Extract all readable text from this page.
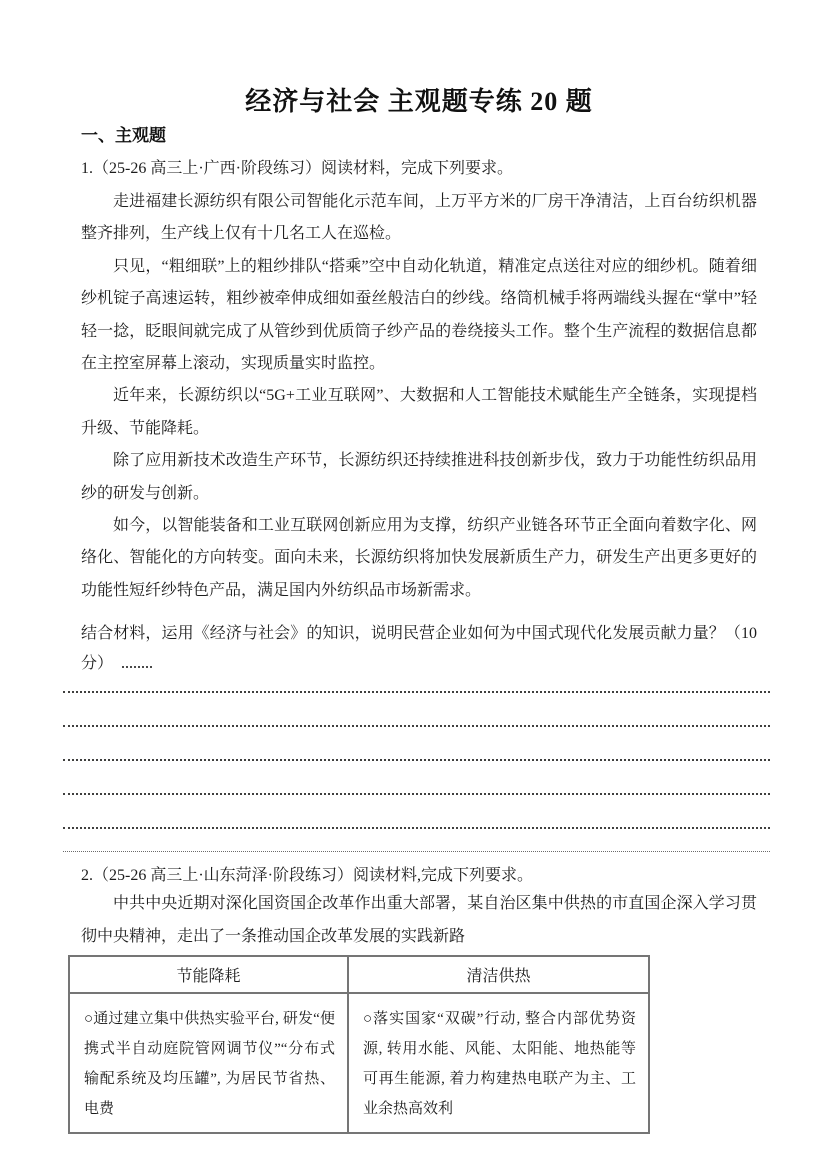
经济与社会 主观题专练 20 题
一、主观题

1.（25-26 高三上·广西·阶段练习）阅读材料，完成下列要求。

走进福建长源纺织有限公司智能化示范车间，上万平方米的厂房干净清洁，上百台纺织机器整齐排列，生产线上仅有十几名工人在巡检。

只见，“粗细联”上的粗纱排队“搭乘”空中自动化轨道，精准定点送往对应的细纱机。随着细纱机锭子高速运转，粗纱被牵伸成细如蚕丝般洁白的纱线。络筒机械手将两端线头握在“掌中”轻轻一捻，眨眼间就完成了从管纱到优质筒子纱产品的卷绕接头工作。整个生产流程的数据信息都在主控室屏幕上滚动，实现质量实时监控。

近年来，长源纺织以“5G+工业互联网”、大数据和人工智能技术赋能生产全链条，实现提档升级、节能降耗。

除了应用新技术改造生产环节，长源纺织还持续推进科技创新步伐，致力于功能性纺织品用纱的研发与创新。

如今，以智能装备和工业互联网创新应用为支撑，纺织产业链各环节正全面向着数字化、网络化、智能化的方向转变。面向未来，长源纺织将加快发展新质生产力，研发生产出更多更好的功能性短纤纱特色产品，满足国内外纺织品市场新需求。

结合材料，运用《经济与社会》的知识，说明民营企业如何为中国式现代化发展贡献力量？（10分）

2.（25-26 高三上·山东菏泽·阶段练习）阅读材料,完成下列要求。

中共中央近期对深化国资国企改革作出重大部署，某自治区集中供热的市直国企深入学习贯彻中央精神，走出了一条推动国企改革发展的实践新路

节能降耗	清洁供热
○通过建立集中供热实验平台, 研发“便携式半自动庭院管网调节仪”“分布式输配系统及均压罐”, 为居民节省热、电费	○落实国家“双碳”行动, 整合内部优势资源, 转用水能、风能、太阳能、地热能等可再生能源, 着力构建热电联产为主、工业余热高效利
